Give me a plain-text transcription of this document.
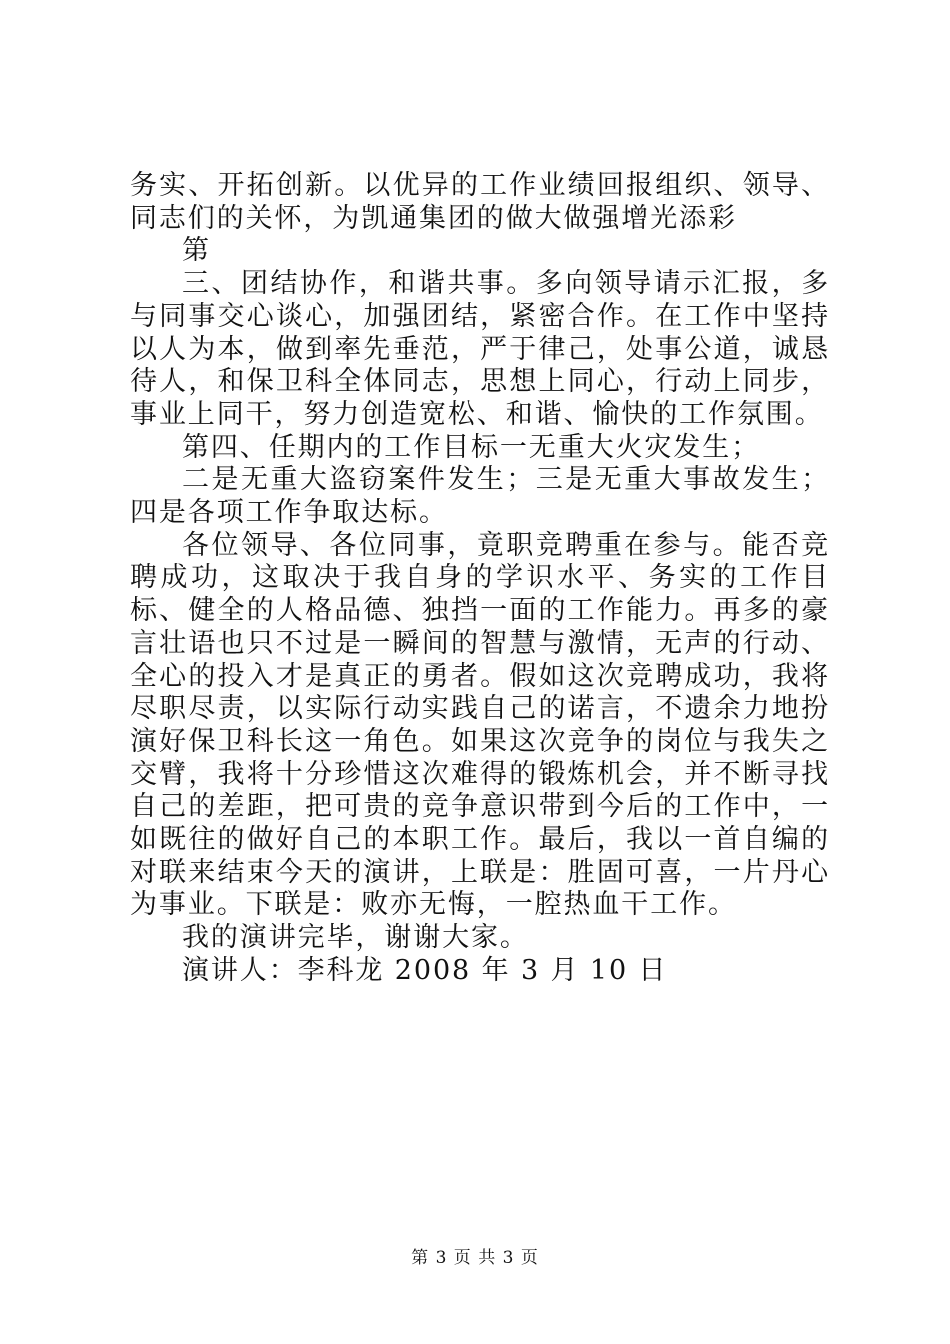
务实、开拓创新。以优异的工作业绩回报组织、领导、同志们的关怀，为凯通集团的做大做强增光添彩

第

三、团结协作，和谐共事。多向领导请示汇报，多与同事交心谈心，加强团结，紧密合作。在工作中坚持以人为本，做到率先垂范，严于律己，处事公道，诚恳待人，和保卫科全体同志，思想上同心，行动上同步，事业上同干，努力创造宽松、和谐、愉快的工作氛围。

第四、任期内的工作目标一无重大火灾发生；

二是无重大盗窃案件发生；三是无重大事故发生；四是各项工作争取达标。

各位领导、各位同事，竟职竞聘重在参与。能否竞聘成功，这取决于我自身的学识水平、务实的工作目标、健全的人格品德、独挡一面的工作能力。再多的豪言壮语也只不过是一瞬间的智慧与激情，无声的行动、全心的投入才是真正的勇者。假如这次竞聘成功，我将尽职尽责，以实际行动实践自己的诺言，不遗余力地扮演好保卫科长这一角色。如果这次竞争的岗位与我失之交臂，我将十分珍惜这次难得的锻炼机会，并不断寻找自己的差距，把可贵的竞争意识带到今后的工作中，一如既往的做好自己的本职工作。最后，我以一首自编的对联来结束今天的演讲，上联是：胜固可喜，一片丹心为事业。下联是：败亦无悔，一腔热血干工作。

我的演讲完毕，谢谢大家。

演讲人：李科龙 2008 年 3 月 10 日

第 3 页 共 3 页
